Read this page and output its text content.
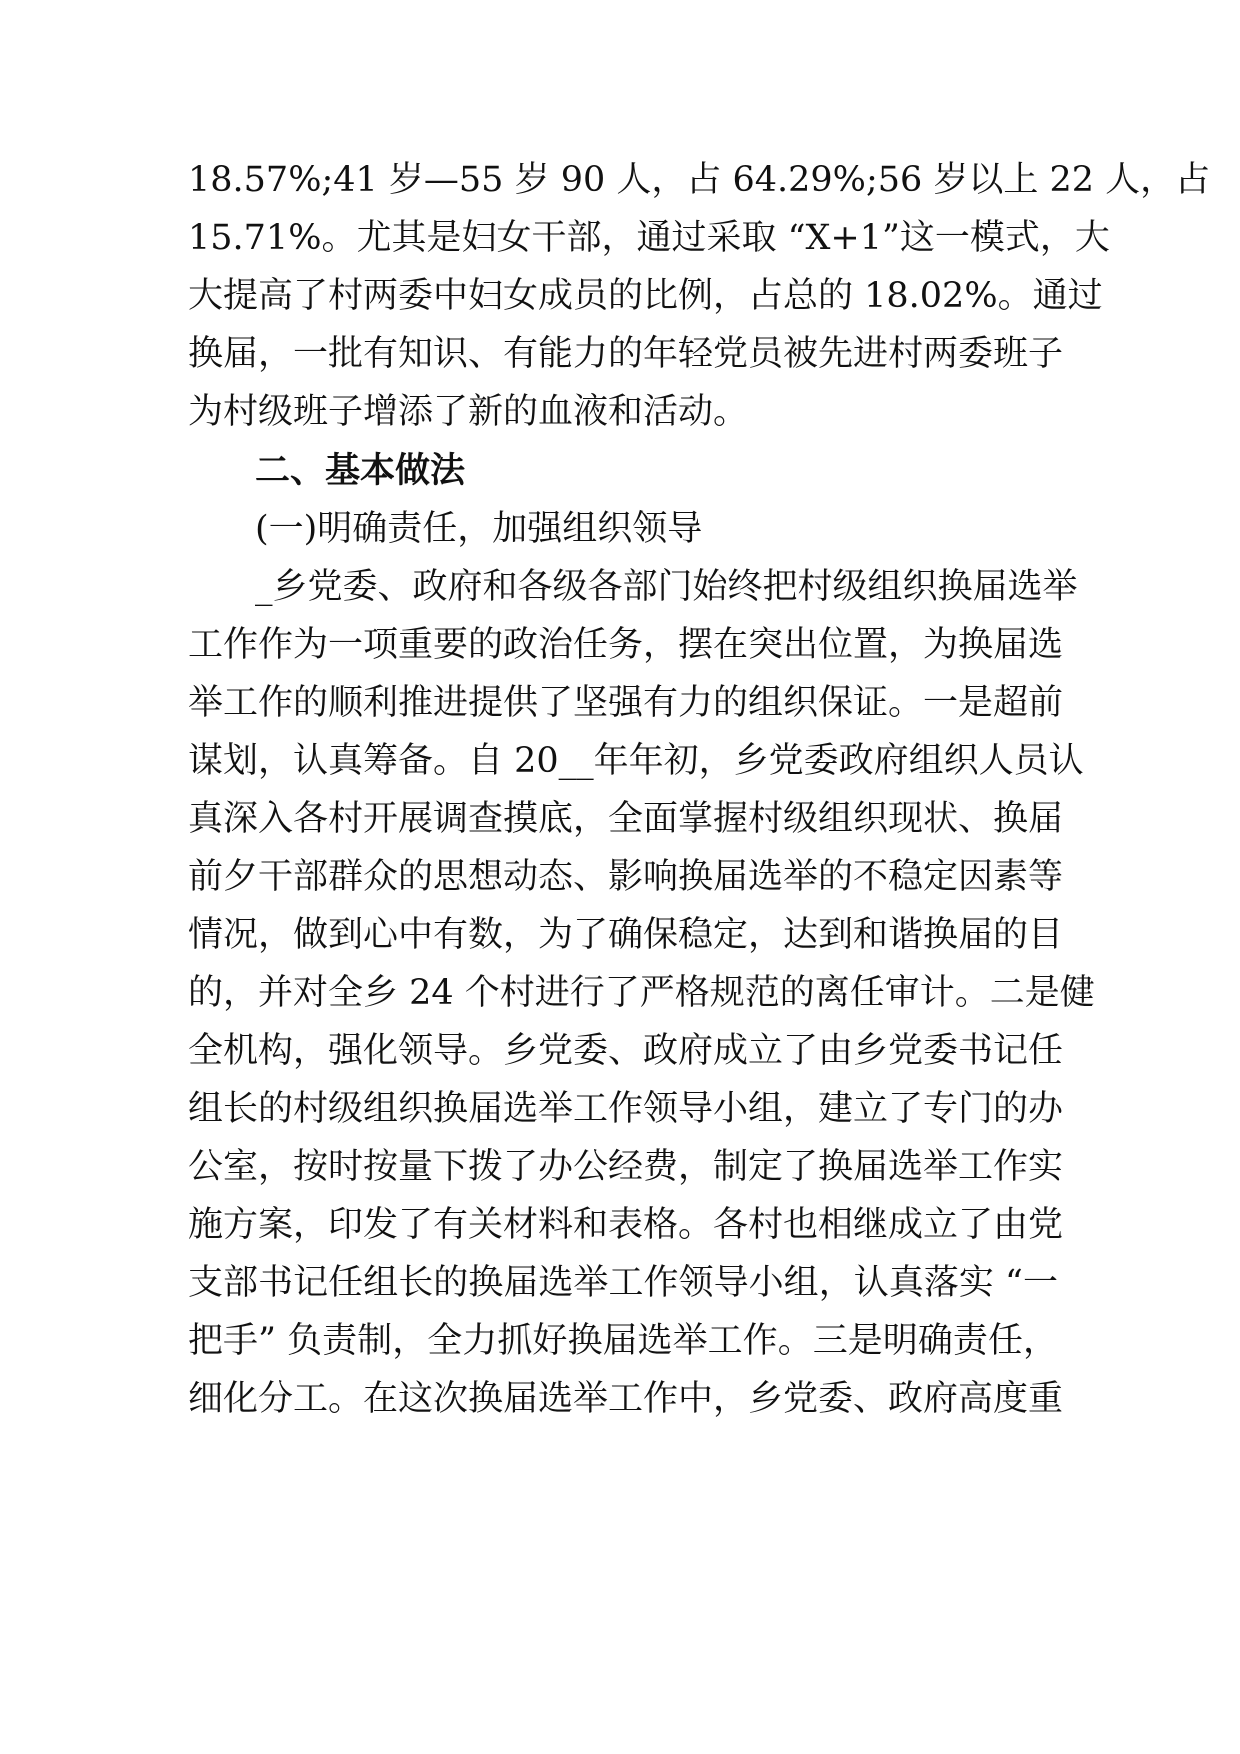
18.57%;41 岁—55 岁 90 人，占 64.29%;56 岁以上 22 人，占
15.71%。尤其是妇女干部，通过采取 “X+1”这一模式，大
大提高了村两委中妇女成员的比例，占总的 18.02%。通过
换届，一批有知识、有能力的年轻党员被先进村两委班子
为村级班子增添了新的血液和活动。
二、基本做法
(一)明确责任，加强组织领导
_乡党委、政府和各级各部门始终把村级组织换届选举
工作作为一项重要的政治任务，摆在突出位置，为换届选
举工作的顺利推进提供了坚强有力的组织保证。一是超前
谋划，认真筹备。自 20__年年初，乡党委政府组织人员认
真深入各村开展调查摸底，全面掌握村级组织现状、换届
前夕干部群众的思想动态、影响换届选举的不稳定因素等
情况，做到心中有数，为了确保稳定，达到和谐换届的目
的，并对全乡 24 个村进行了严格规范的离任审计。二是健
全机构，强化领导。乡党委、政府成立了由乡党委书记任
组长的村级组织换届选举工作领导小组，建立了专门的办
公室，按时按量下拨了办公经费，制定了换届选举工作实
施方案，印发了有关材料和表格。各村也相继成立了由党
支部书记任组长的换届选举工作领导小组，认真落实 “一
把手” 负责制，全力抓好换届选举工作。三是明确责任，
细化分工。在这次换届选举工作中，乡党委、政府高度重
